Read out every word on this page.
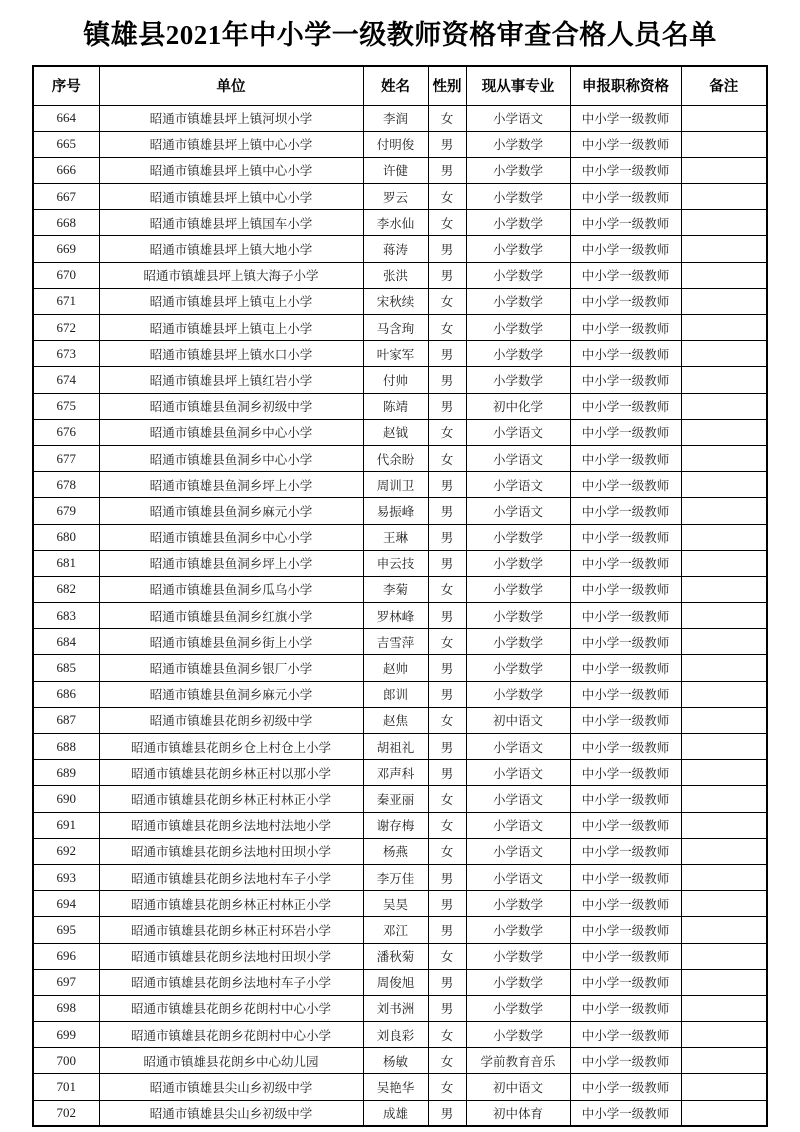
镇雄县2021年中小学一级教师资格审查合格人员名单
序号	单位	姓名	性别	现从事专业	申报职称资格	备注
664	昭通市镇雄县坪上镇河坝小学	李润	女	小学语文	中小学一级教师	
665	昭通市镇雄县坪上镇中心小学	付明俊	男	小学数学	中小学一级教师	
666	昭通市镇雄县坪上镇中心小学	许健	男	小学数学	中小学一级教师	
667	昭通市镇雄县坪上镇中心小学	罗云	女	小学数学	中小学一级教师	
668	昭通市镇雄县坪上镇国车小学	李水仙	女	小学数学	中小学一级教师	
669	昭通市镇雄县坪上镇大地小学	蒋涛	男	小学数学	中小学一级教师	
670	昭通市镇雄县坪上镇大海子小学	张洪	男	小学数学	中小学一级教师	
671	昭通市镇雄县坪上镇屯上小学	宋秋续	女	小学数学	中小学一级教师	
672	昭通市镇雄县坪上镇屯上小学	马含珣	女	小学数学	中小学一级教师	
673	昭通市镇雄县坪上镇水口小学	叶家军	男	小学数学	中小学一级教师	
674	昭通市镇雄县坪上镇红岩小学	付帅	男	小学数学	中小学一级教师	
675	昭通市镇雄县鱼洞乡初级中学	陈靖	男	初中化学	中小学一级教师	
676	昭通市镇雄县鱼洞乡中心小学	赵钺	女	小学语文	中小学一级教师	
677	昭通市镇雄县鱼洞乡中心小学	代余盼	女	小学语文	中小学一级教师	
678	昭通市镇雄县鱼洞乡坪上小学	周训卫	男	小学语文	中小学一级教师	
679	昭通市镇雄县鱼洞乡麻元小学	易振峰	男	小学语文	中小学一级教师	
680	昭通市镇雄县鱼洞乡中心小学	王琳	男	小学数学	中小学一级教师	
681	昭通市镇雄县鱼洞乡坪上小学	申云技	男	小学数学	中小学一级教师	
682	昭通市镇雄县鱼洞乡瓜乌小学	李菊	女	小学数学	中小学一级教师	
683	昭通市镇雄县鱼洞乡红旗小学	罗林峰	男	小学数学	中小学一级教师	
684	昭通市镇雄县鱼洞乡街上小学	吉雪萍	女	小学数学	中小学一级教师	
685	昭通市镇雄县鱼洞乡银厂小学	赵帅	男	小学数学	中小学一级教师	
686	昭通市镇雄县鱼洞乡麻元小学	郎训	男	小学数学	中小学一级教师	
687	昭通市镇雄县花朗乡初级中学	赵焦	女	初中语文	中小学一级教师	
688	昭通市镇雄县花朗乡仓上村仓上小学	胡祖礼	男	小学语文	中小学一级教师	
689	昭通市镇雄县花朗乡林正村以那小学	邓声科	男	小学语文	中小学一级教师	
690	昭通市镇雄县花朗乡林正村林正小学	秦亚丽	女	小学语文	中小学一级教师	
691	昭通市镇雄县花朗乡法地村法地小学	谢存梅	女	小学语文	中小学一级教师	
692	昭通市镇雄县花朗乡法地村田坝小学	杨燕	女	小学语文	中小学一级教师	
693	昭通市镇雄县花朗乡法地村车子小学	李万佳	男	小学语文	中小学一级教师	
694	昭通市镇雄县花朗乡林正村林正小学	吴昊	男	小学数学	中小学一级教师	
695	昭通市镇雄县花朗乡林正村环岩小学	邓江	男	小学数学	中小学一级教师	
696	昭通市镇雄县花朗乡法地村田坝小学	潘秋菊	女	小学数学	中小学一级教师	
697	昭通市镇雄县花朗乡法地村车子小学	周俊旭	男	小学数学	中小学一级教师	
698	昭通市镇雄县花朗乡花朗村中心小学	刘书洲	男	小学数学	中小学一级教师	
699	昭通市镇雄县花朗乡花朗村中心小学	刘良彩	女	小学数学	中小学一级教师	
700	昭通市镇雄县花朗乡中心幼儿园	杨敏	女	学前教育音乐	中小学一级教师	
701	昭通市镇雄县尖山乡初级中学	吴艳华	女	初中语文	中小学一级教师	
702	昭通市镇雄县尖山乡初级中学	成雄	男	初中体育	中小学一级教师	
